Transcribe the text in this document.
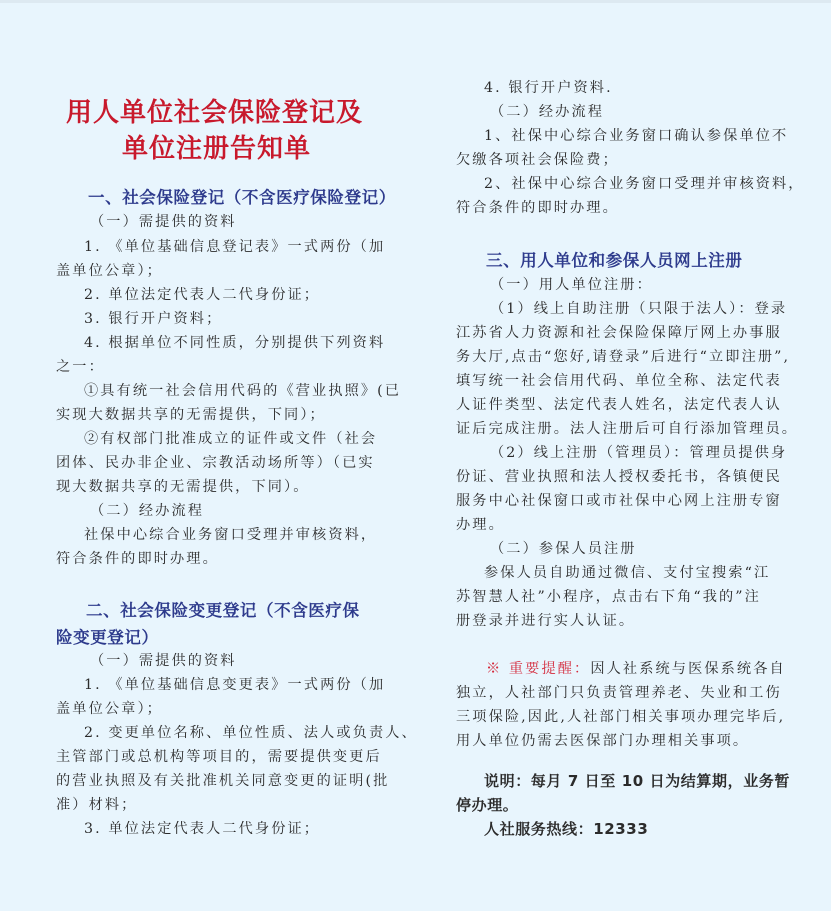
用人单位社会保险登记及
单位注册告知单
一、社会保险登记（不含医疗保险登记）
（一）需提供的资料
1. 《单位基础信息登记表》一式两份（加
盖单位公章）；
2. 单位法定代表人二代身份证；
3. 银行开户资料；
4. 根据单位不同性质，分别提供下列资料
之一：
①具有统一社会信用代码的《营业执照》(已
实现大数据共享的无需提供，下同）；
②有权部门批准成立的证件或文件（社会
团体、民办非企业、宗教活动场所等）（已实
现大数据共享的无需提供，下同）。
（二）经办流程
社保中心综合业务窗口受理并审核资料，
符合条件的即时办理。
二、社会保险变更登记（不含医疗保
险变更登记）
（一）需提供的资料
1. 《单位基础信息变更表》一式两份（加
盖单位公章）；
2. 变更单位名称、单位性质、法人或负责人、
主管部门或总机构等项目的，需要提供变更后
的营业执照及有关批准机关同意变更的证明(批
准）材料；
3. 单位法定代表人二代身份证；
4. 银行开户资料.
（二）经办流程
1、社保中心综合业务窗口确认参保单位不
欠缴各项社会保险费；
2、社保中心综合业务窗口受理并审核资料，
符合条件的即时办理。
三、用人单位和参保人员网上注册
（一）用人单位注册：
（1）线上自助注册（只限于法人）：登录
江苏省人力资源和社会保险保障厅网上办事服
务大厅,点击“您好,请登录”后进行“立即注册”,
填写统一社会信用代码、单位全称、法定代表
人证件类型、法定代表人姓名，法定代表人认
证后完成注册。法人注册后可自行添加管理员。
（2）线上注册（管理员）：管理员提供身
份证、营业执照和法人授权委托书，各镇便民
服务中心社保窗口或市社保中心网上注册专窗
办理。
（二）参保人员注册
参保人员自助通过微信、支付宝搜索“江
苏智慧人社”小程序，点击右下角“我的”注
册登录并进行实人认证。
※ 重要提醒：因人社系统与医保系统各自
独立，人社部门只负责管理养老、失业和工伤
三项保险,因此,人社部门相关事项办理完毕后,
用人单位仍需去医保部门办理相关事项。
说明：每月 7 日至 10 日为结算期，业务暂
停办理。
人社服务热线：12333
